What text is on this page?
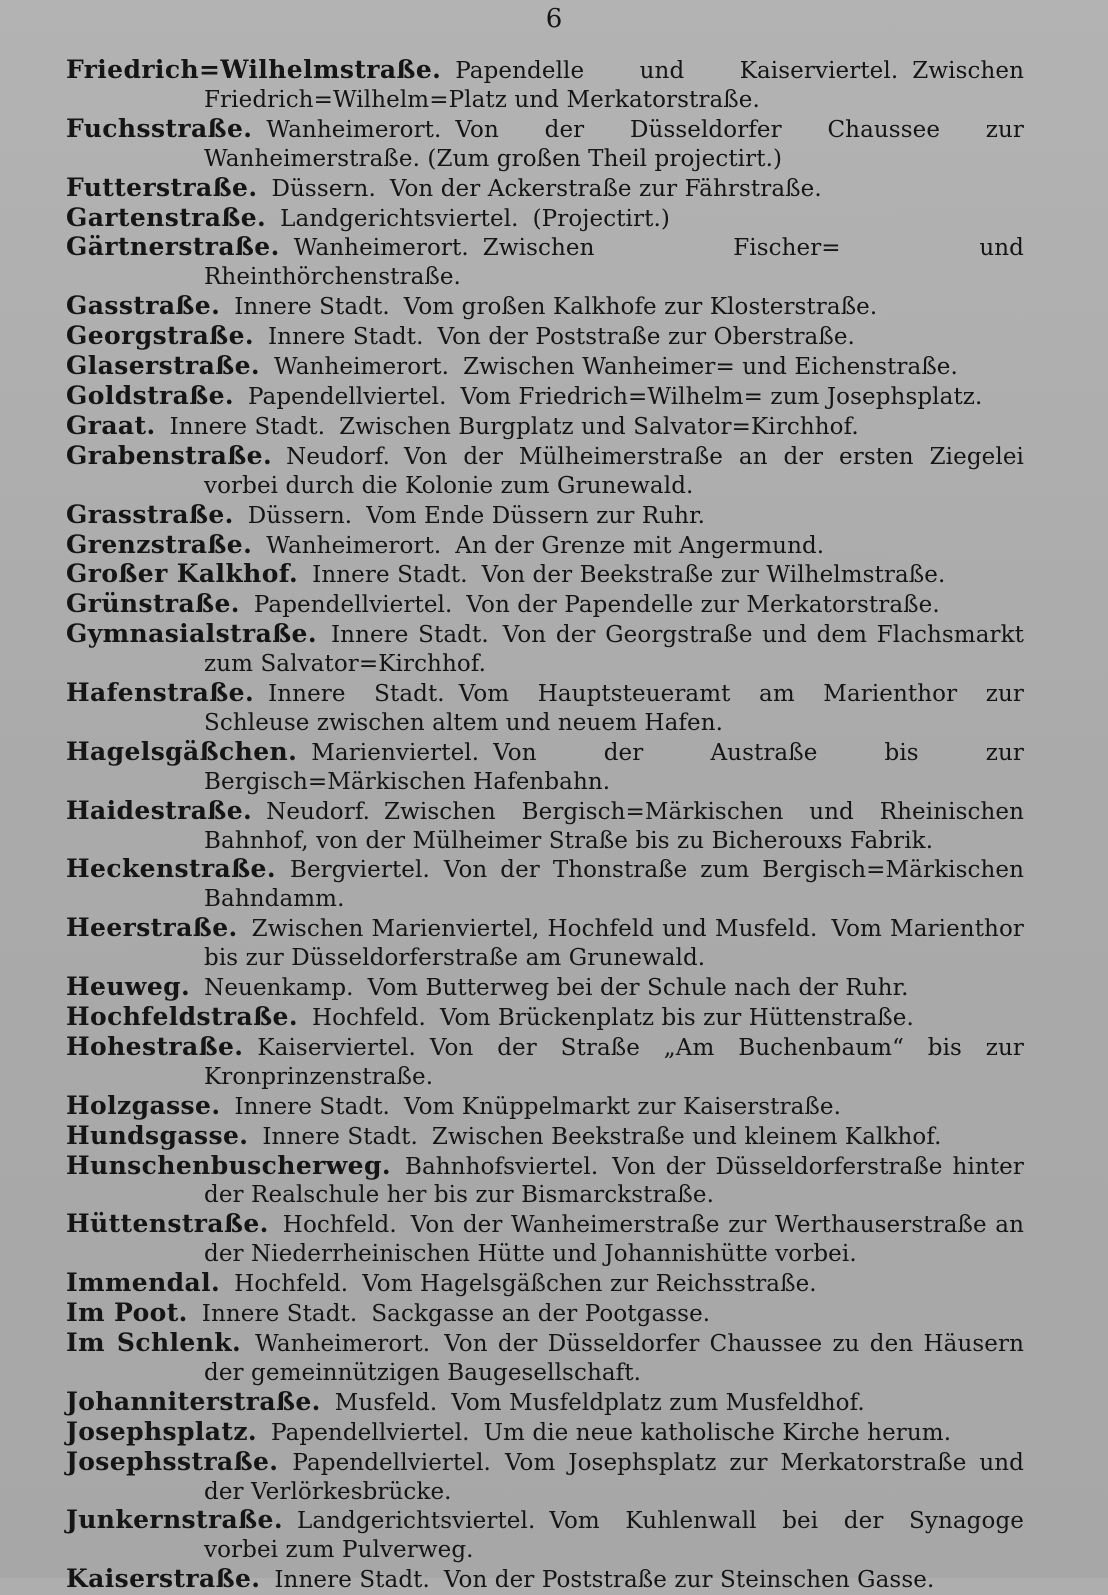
6

Friedrich=Wilhelmstraße. Papendelle und Kaiserviertel. Zwischen Friedrich=Wilhelm=Platz und Merkatorstraße.

Fuchsstraße. Wanheimerort. Von der Düsseldorfer Chaussee zur Wanheimerstraße. (Zum großen Theil projectirt.)

Futterstraße. Düssern. Von der Ackerstraße zur Fährstraße.

Gartenstraße. Landgerichtsviertel. (Projectirt.)

Gärtnerstraße. Wanheimerort. Zwischen Fischer= und Rheinthörchenstraße.

Gasstraße. Innere Stadt. Vom großen Kalkhofe zur Klosterstraße.

Georgstraße. Innere Stadt. Von der Poststraße zur Oberstraße.

Glaserstraße. Wanheimerort. Zwischen Wanheimer= und Eichenstraße.

Goldstraße. Papendellviertel. Vom Friedrich=Wilhelm= zum Josephsplatz.

Graat. Innere Stadt. Zwischen Burgplatz und Salvator=Kirchhof.

Grabenstraße. Neudorf. Von der Mülheimerstraße an der ersten Ziegelei vorbei durch die Kolonie zum Grunewald.

Grasstraße. Düssern. Vom Ende Düssern zur Ruhr.

Grenzstraße. Wanheimerort. An der Grenze mit Angermund.

Großer Kalkhof. Innere Stadt. Von der Beekstraße zur Wilhelmstraße.

Grünstraße. Papendellviertel. Von der Papendelle zur Merkatorstraße.

Gymnasialstraße. Innere Stadt. Von der Georgstraße und dem Flachsmarkt zum Salvator=Kirchhof.

Hafenstraße. Innere Stadt. Vom Hauptsteueramt am Marienthor zur Schleuse zwischen altem und neuem Hafen.

Hagelsgäßchen. Marienviertel. Von der Austraße bis zur Bergisch=Märkischen Hafenbahn.

Haidestraße. Neudorf. Zwischen Bergisch=Märkischen und Rheinischen Bahnhof, von der Mülheimer Straße bis zu Bicherouxs Fabrik.

Heckenstraße. Bergviertel. Von der Thonstraße zum Bergisch=Märkischen Bahndamm.

Heerstraße. Zwischen Marienviertel, Hochfeld und Musfeld. Vom Marienthor bis zur Düsseldorferstraße am Grunewald.

Heuweg. Neuenkamp. Vom Butterweg bei der Schule nach der Ruhr.

Hochfeldstraße. Hochfeld. Vom Brückenplatz bis zur Hüttenstraße.

Hohestraße. Kaiserviertel. Von der Straße „Am Buchenbaum“ bis zur Kronprinzenstraße.

Holzgasse. Innere Stadt. Vom Knüppelmarkt zur Kaiserstraße.

Hundsgasse. Innere Stadt. Zwischen Beekstraße und kleinem Kalkhof.

Hunschenbuscherweg. Bahnhofsviertel. Von der Düsseldorferstraße hinter der Realschule her bis zur Bismarckstraße.

Hüttenstraße. Hochfeld. Von der Wanheimerstraße zur Werthauserstraße an der Niederrheinischen Hütte und Johannishütte vorbei.

Immendal. Hochfeld. Vom Hagelsgäßchen zur Reichsstraße.

Im Poot. Innere Stadt. Sackgasse an der Pootgasse.

Im Schlenk. Wanheimerort. Von der Düsseldorfer Chaussee zu den Häusern der gemeinnützigen Baugesellschaft.

Johanniterstraße. Musfeld. Vom Musfeldplatz zum Musfeldhof.

Josephsplatz. Papendellviertel. Um die neue katholische Kirche herum.

Josephsstraße. Papendellviertel. Vom Josephsplatz zur Merkatorstraße und der Verlörkesbrücke.

Junkernstraße. Landgerichtsviertel. Vom Kuhlenwall bei der Synagoge vorbei zum Pulverweg.

Kaiserstraße. Innere Stadt. Von der Poststraße zur Steinschen Gasse.
